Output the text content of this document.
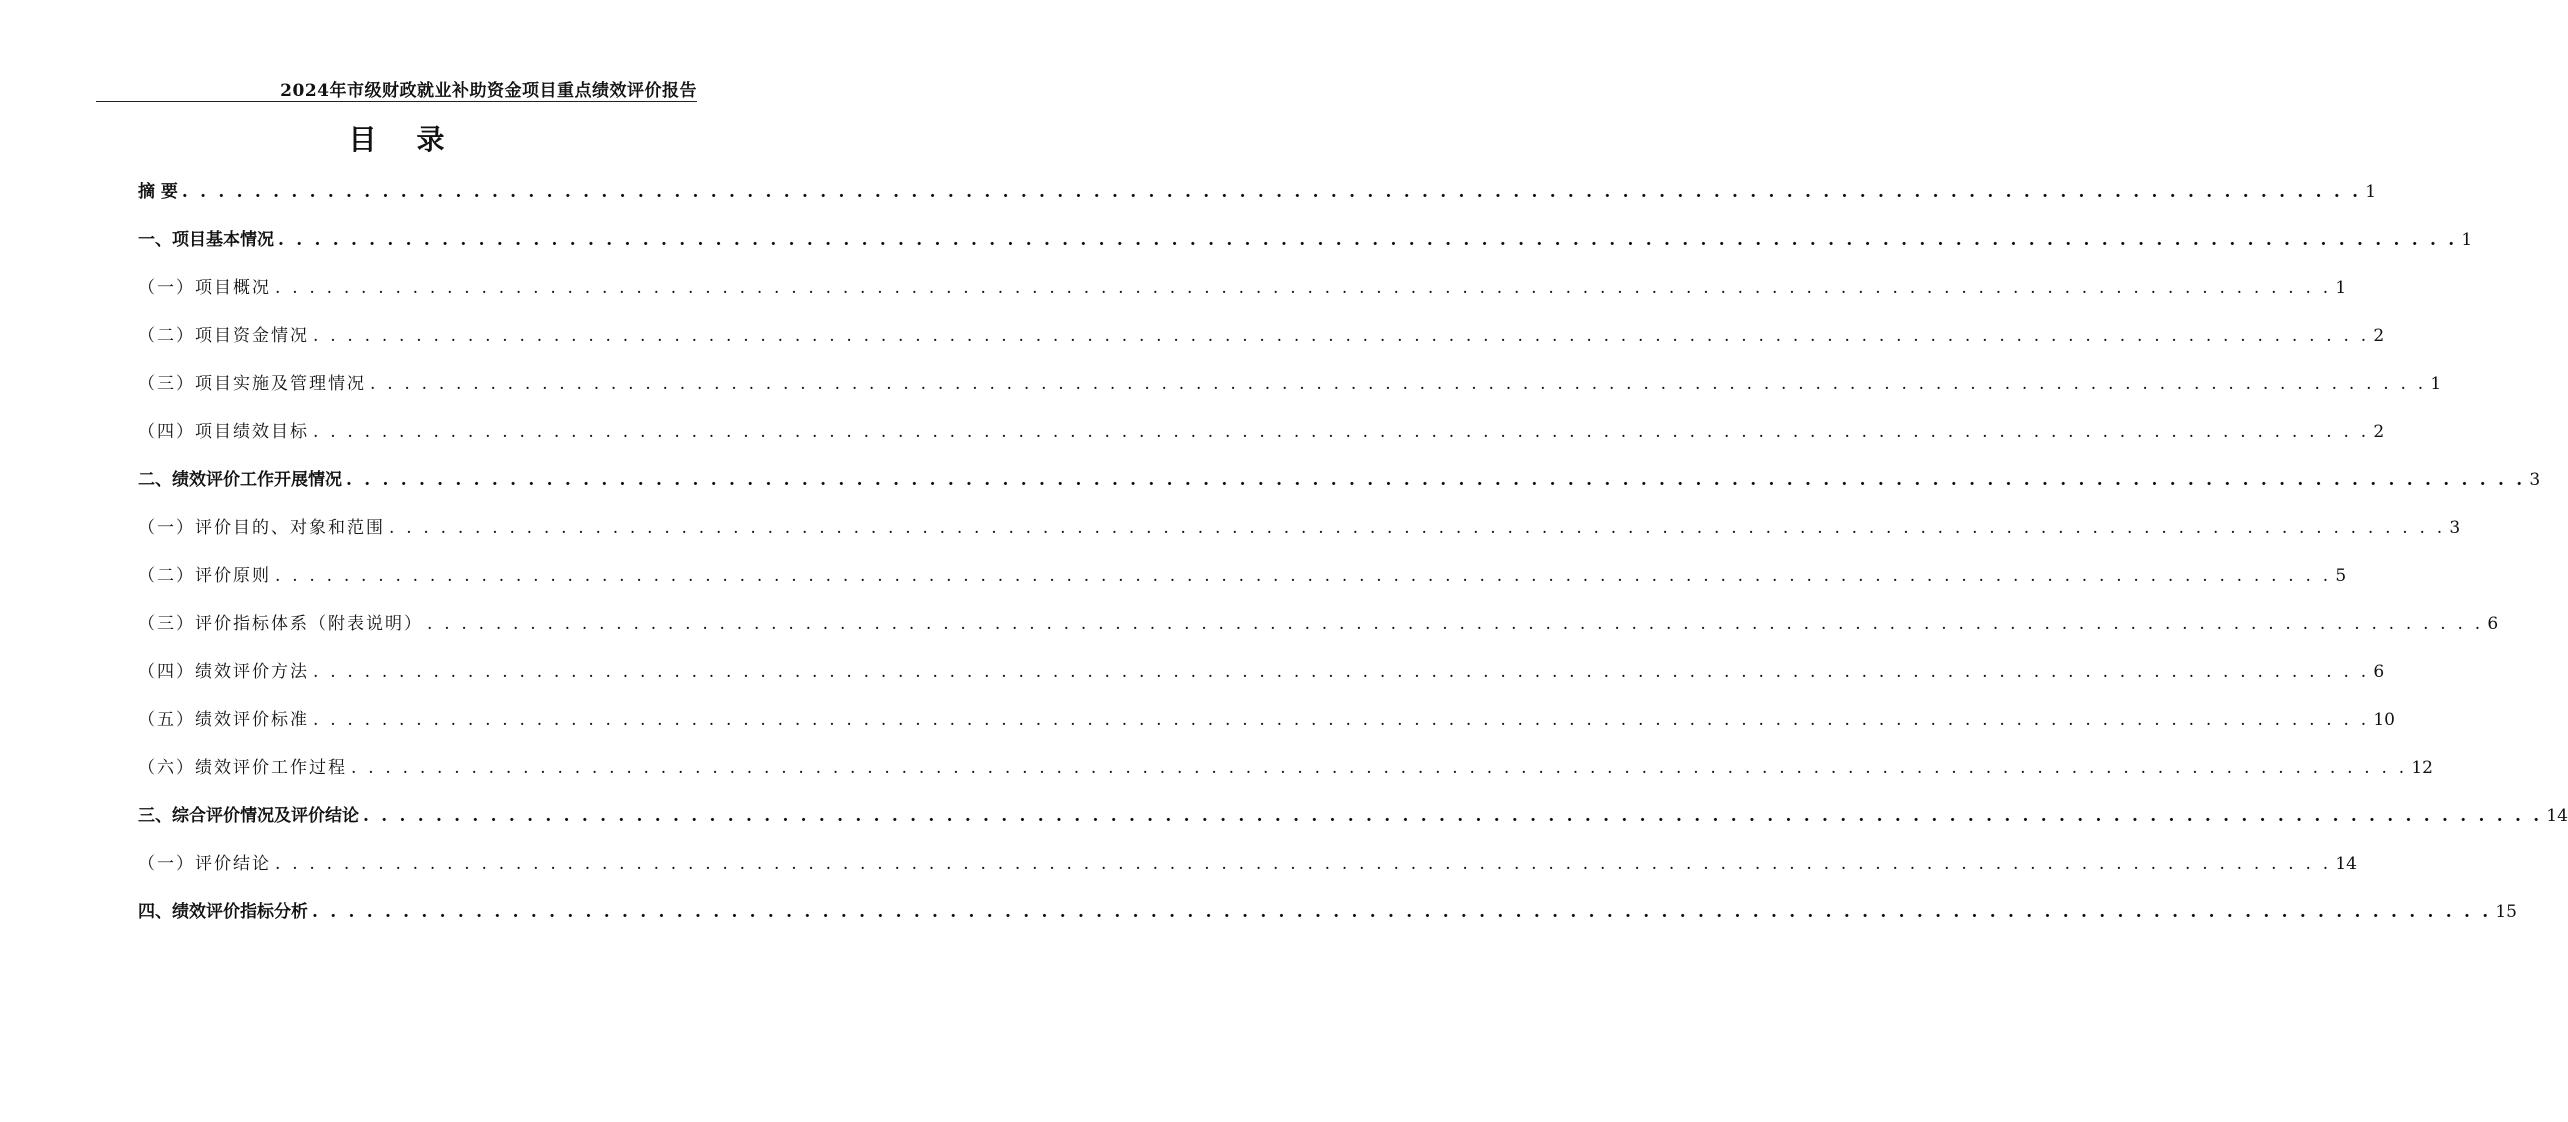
2024年市级财政就业补助资金项目重点绩效评价报告
目录
摘 要 . . . . . . . . . . . . . . . . . . . . . . . . . . . . . . . . . . . . . . . . . . . . . . . . . . . . . . . . . . . . . . . . . . . . . . . . . . . . . . . . . . . . . . . . . . . . . . . . . . . . . . . . . . . . . . . . . . . . . . . . 1
一、项目基本情况 . . . . . . . . . . . . . . . . . . . . . . . . . . . . . . . . . . . . . . . . . . . . . . . . . . . . . . . . . . . . . . . . . . . . . . . . . . . . . . . . . . . . . . . . . . . . . . . . . . . . . . . . . . . . . . . . . . . . . . . . 1
（一）项目概况 . . . . . . . . . . . . . . . . . . . . . . . . . . . . . . . . . . . . . . . . . . . . . . . . . . . . . . . . . . . . . . . . . . . . . . . . . . . . . . . . . . . . . . . . . . . . . . . . . . . . . . . . . . . . . . . . . . . . . . . . 1
（二）项目资金情况 . . . . . . . . . . . . . . . . . . . . . . . . . . . . . . . . . . . . . . . . . . . . . . . . . . . . . . . . . . . . . . . . . . . . . . . . . . . . . . . . . . . . . . . . . . . . . . . . . . . . . . . . . . . . . . . . . . . . . . . . 2
（三）项目实施及管理情况 . . . . . . . . . . . . . . . . . . . . . . . . . . . . . . . . . . . . . . . . . . . . . . . . . . . . . . . . . . . . . . . . . . . . . . . . . . . . . . . . . . . . . . . . . . . . . . . . . . . . . . . . . . . . . . . . . . . . . . . . 1
（四）项目绩效目标 . . . . . . . . . . . . . . . . . . . . . . . . . . . . . . . . . . . . . . . . . . . . . . . . . . . . . . . . . . . . . . . . . . . . . . . . . . . . . . . . . . . . . . . . . . . . . . . . . . . . . . . . . . . . . . . . . . . . . . . . 2
二、绩效评价工作开展情况 . . . . . . . . . . . . . . . . . . . . . . . . . . . . . . . . . . . . . . . . . . . . . . . . . . . . . . . . . . . . . . . . . . . . . . . . . . . . . . . . . . . . . . . . . . . . . . . . . . . . . . . . . . . . . . . . . . . . . . . . 3
（一）评价目的、对象和范围 . . . . . . . . . . . . . . . . . . . . . . . . . . . . . . . . . . . . . . . . . . . . . . . . . . . . . . . . . . . . . . . . . . . . . . . . . . . . . . . . . . . . . . . . . . . . . . . . . . . . . . . . . . . . . . . . . . . . . . . . 3
（二）评价原则 . . . . . . . . . . . . . . . . . . . . . . . . . . . . . . . . . . . . . . . . . . . . . . . . . . . . . . . . . . . . . . . . . . . . . . . . . . . . . . . . . . . . . . . . . . . . . . . . . . . . . . . . . . . . . . . . . . . . . . . . 5
（三）评价指标体系（附表说明） . . . . . . . . . . . . . . . . . . . . . . . . . . . . . . . . . . . . . . . . . . . . . . . . . . . . . . . . . . . . . . . . . . . . . . . . . . . . . . . . . . . . . . . . . . . . . . . . . . . . . . . . . . . . . . . . . . . . . . . . 6
（四）绩效评价方法 . . . . . . . . . . . . . . . . . . . . . . . . . . . . . . . . . . . . . . . . . . . . . . . . . . . . . . . . . . . . . . . . . . . . . . . . . . . . . . . . . . . . . . . . . . . . . . . . . . . . . . . . . . . . . . . . . . . . . . . . 6
（五）绩效评价标准 . . . . . . . . . . . . . . . . . . . . . . . . . . . . . . . . . . . . . . . . . . . . . . . . . . . . . . . . . . . . . . . . . . . . . . . . . . . . . . . . . . . . . . . . . . . . . . . . . . . . . . . . . . . . . . . . . . . . . . . . 10
（六）绩效评价工作过程 . . . . . . . . . . . . . . . . . . . . . . . . . . . . . . . . . . . . . . . . . . . . . . . . . . . . . . . . . . . . . . . . . . . . . . . . . . . . . . . . . . . . . . . . . . . . . . . . . . . . . . . . . . . . . . . . . . . . . . . . 12
三、综合评价情况及评价结论 . . . . . . . . . . . . . . . . . . . . . . . . . . . . . . . . . . . . . . . . . . . . . . . . . . . . . . . . . . . . . . . . . . . . . . . . . . . . . . . . . . . . . . . . . . . . . . . . . . . . . . . . . . . . . . . . . . . . . . . . 14
（一）评价结论 . . . . . . . . . . . . . . . . . . . . . . . . . . . . . . . . . . . . . . . . . . . . . . . . . . . . . . . . . . . . . . . . . . . . . . . . . . . . . . . . . . . . . . . . . . . . . . . . . . . . . . . . . . . . . . . . . . . . . . . . 14
四、绩效评价指标分析 . . . . . . . . . . . . . . . . . . . . . . . . . . . . . . . . . . . . . . . . . . . . . . . . . . . . . . . . . . . . . . . . . . . . . . . . . . . . . . . . . . . . . . . . . . . . . . . . . . . . . . . . . . . . . . . . . . . . . . . . 15
